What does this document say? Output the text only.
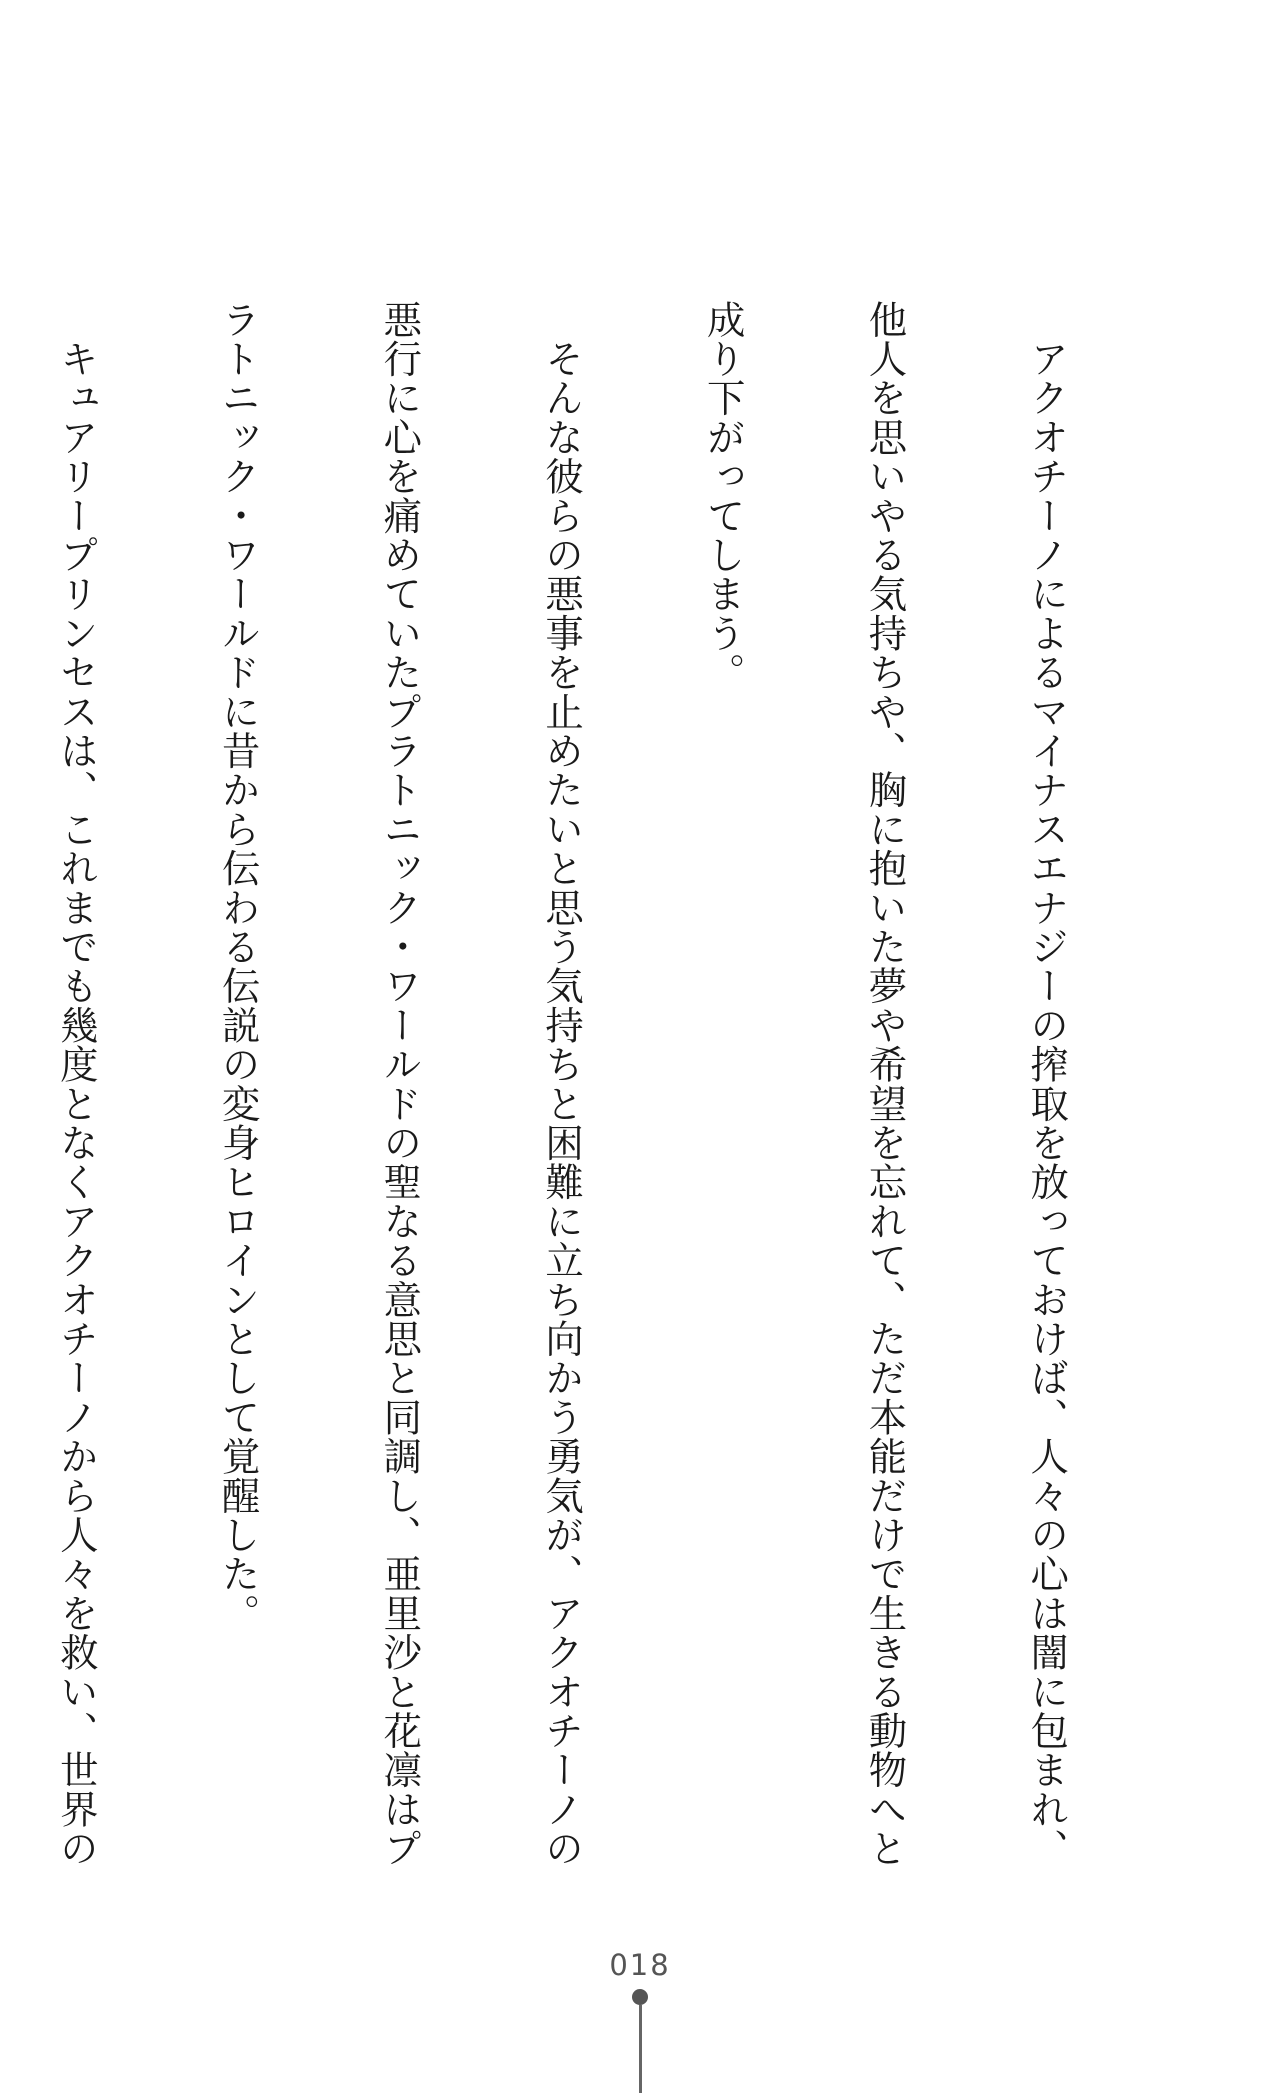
　アクオチーノによるマイナスエナジーの搾取を放っておけば、人々の心は闇に包まれ、

他人を思いやる気持ちや、胸に抱いた夢や希望を忘れて、ただ本能だけで生きる動物へと

成り下がってしまう。

　そんな彼らの悪事を止めたいと思う気持ちと困難に立ち向かう勇気が、アクオチーノの

悪行に心を痛めていたプラトニック・ワールドの聖なる意思と同調し、亜里沙と花凛はプ

ラトニック・ワールドに昔から伝わる伝説の変身ヒロインとして覚醒した。

　キュアリープリンセスは、これまでも幾度となくアクオチーノから人々を救い、世界の

018
